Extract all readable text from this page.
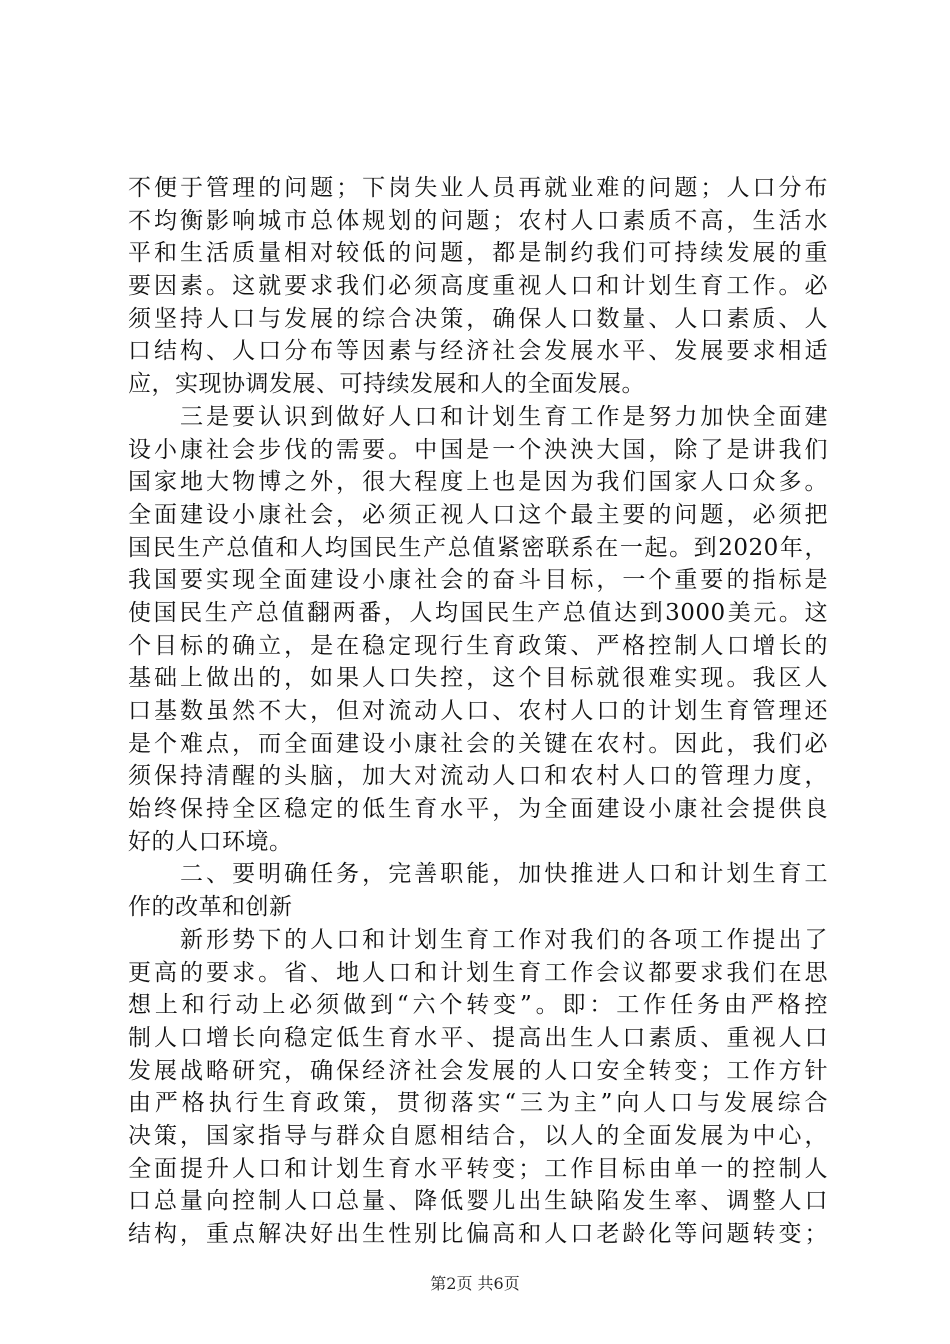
不便于管理的问题；下岗失业人员再就业难的问题；人口分布
不均衡影响城市总体规划的问题；农村人口素质不高，生活水
平和生活质量相对较低的问题，都是制约我们可持续发展的重
要因素。这就要求我们必须高度重视人口和计划生育工作。必
须坚持人口与发展的综合决策，确保人口数量、人口素质、人
口结构、人口分布等因素与经济社会发展水平、发展要求相适
应，实现协调发展、可持续发展和人的全面发展。
　　三是要认识到做好人口和计划生育工作是努力加快全面建
设小康社会步伐的需要。中国是一个泱泱大国，除了是讲我们
国家地大物博之外，很大程度上也是因为我们国家人口众多。
全面建设小康社会，必须正视人口这个最主要的问题，必须把
国民生产总值和人均国民生产总值紧密联系在一起。到2020年，
我国要实现全面建设小康社会的奋斗目标，一个重要的指标是
使国民生产总值翻两番，人均国民生产总值达到3000美元。这
个目标的确立，是在稳定现行生育政策、严格控制人口增长的
基础上做出的，如果人口失控，这个目标就很难实现。我区人
口基数虽然不大，但对流动人口、农村人口的计划生育管理还
是个难点，而全面建设小康社会的关键在农村。因此，我们必
须保持清醒的头脑，加大对流动人口和农村人口的管理力度，
始终保持全区稳定的低生育水平，为全面建设小康社会提供良
好的人口环境。
　　二、要明确任务，完善职能，加快推进人口和计划生育工
作的改革和创新
　　新形势下的人口和计划生育工作对我们的各项工作提出了
更高的要求。省、地人口和计划生育工作会议都要求我们在思
想上和行动上必须做到“六个转变”。即：工作任务由严格控
制人口增长向稳定低生育水平、提高出生人口素质、重视人口
发展战略研究，确保经济社会发展的人口安全转变；工作方针
由严格执行生育政策，贯彻落实“三为主”向人口与发展综合
决策，国家指导与群众自愿相结合，以人的全面发展为中心，
全面提升人口和计划生育水平转变；工作目标由单一的控制人
口总量向控制人口总量、降低婴儿出生缺陷发生率、调整人口
结构，重点解决好出生性别比偏高和人口老龄化等问题转变；
第2页 共6页
